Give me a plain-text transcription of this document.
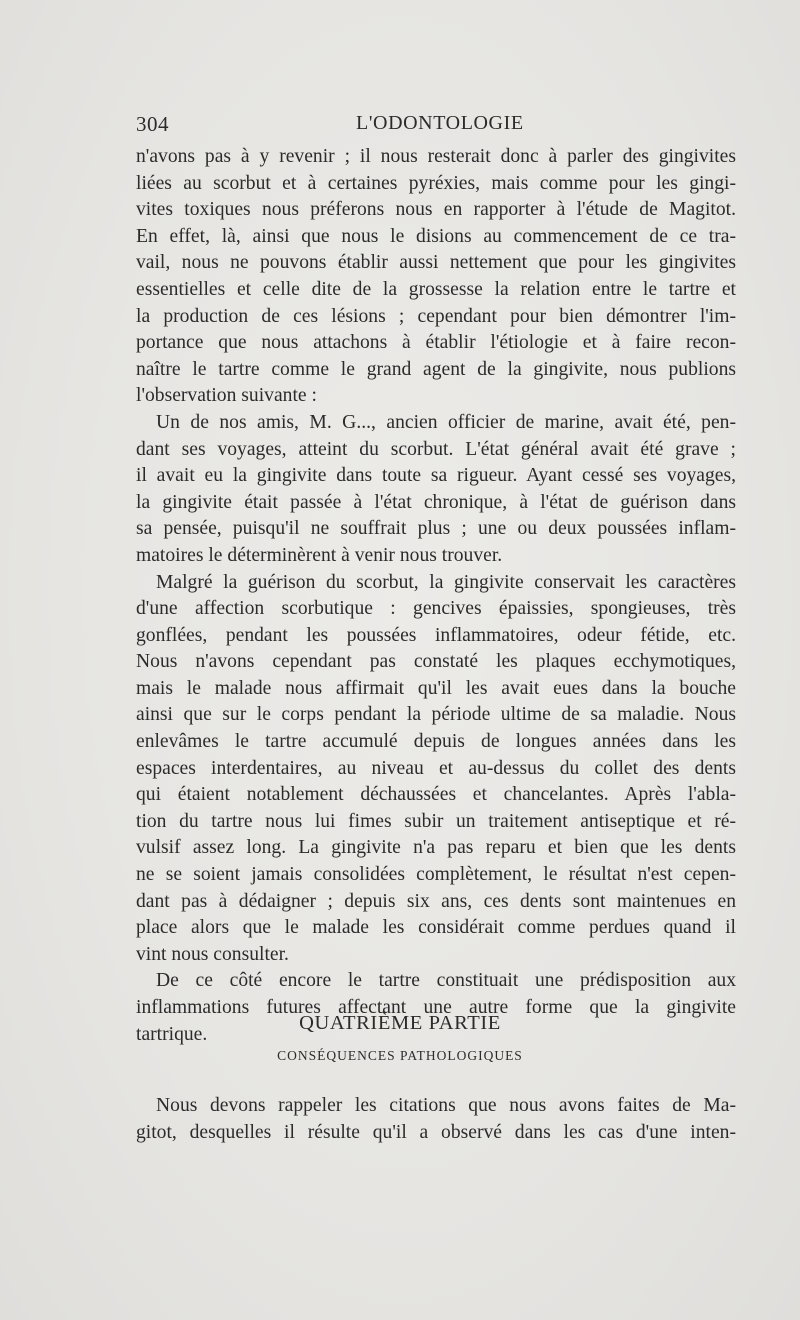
304	L'ODONTOLOGIE
n'avons pas à y revenir ; il nous resterait donc à parler des gingivites
liées au scorbut et à certaines pyréxies, mais comme pour les gingi-
vites toxiques nous préferons nous en rapporter à l'étude de Magitot.
En effet, là, ainsi que nous le disions au commencement de ce tra-
vail, nous ne pouvons établir aussi nettement que pour les gingivites
essentielles et celle dite de la grossesse la relation entre le tartre et
la production de ces lésions ; cependant pour bien démontrer l'im-
portance que nous attachons à établir l'étiologie et à faire recon-
naître le tartre comme le grand agent de la gingivite, nous publions
l'observation suivante :
Un de nos amis, M. G..., ancien officier de marine, avait été, pen-
dant ses voyages, atteint du scorbut. L'état général avait été grave ;
il avait eu la gingivite dans toute sa rigueur. Ayant cessé ses voyages,
la gingivite était passée à l'état chronique, à l'état de guérison dans
sa pensée, puisqu'il ne souffrait plus ; une ou deux poussées inflam-
matoires le déterminèrent à venir nous trouver.
Malgré la guérison du scorbut, la gingivite conservait les caractères
d'une affection scorbutique : gencives épaissies, spongieuses, très
gonflées, pendant les poussées inflammatoires, odeur fétide, etc.
Nous n'avons cependant pas constaté les plaques ecchymotiques,
mais le malade nous affirmait qu'il les avait eues dans la bouche
ainsi que sur le corps pendant la période ultime de sa maladie. Nous
enlevâmes le tartre accumulé depuis de longues années dans les
espaces interdentaires, au niveau et au-dessus du collet des dents
qui étaient notablement déchaussées et chancelantes. Après l'abla-
tion du tartre nous lui fimes subir un traitement antiseptique et ré-
vulsif assez long. La gingivite n'a pas reparu et bien que les dents
ne se soient jamais consolidées complètement, le résultat n'est cepen-
dant pas à dédaigner ; depuis six ans, ces dents sont maintenues en
place alors que le malade les considérait comme perdues quand il
vint nous consulter.
De ce côté encore le tartre constituait une prédisposition aux
inflammations futures affectant une autre forme que la gingivite
tartrique.
QUATRIÈME PARTIE
CONSÉQUENCES PATHOLOGIQUES
Nous devons rappeler les citations que nous avons faites de Ma-
gitot, desquelles il résulte qu'il a observé dans les cas d'une inten-
